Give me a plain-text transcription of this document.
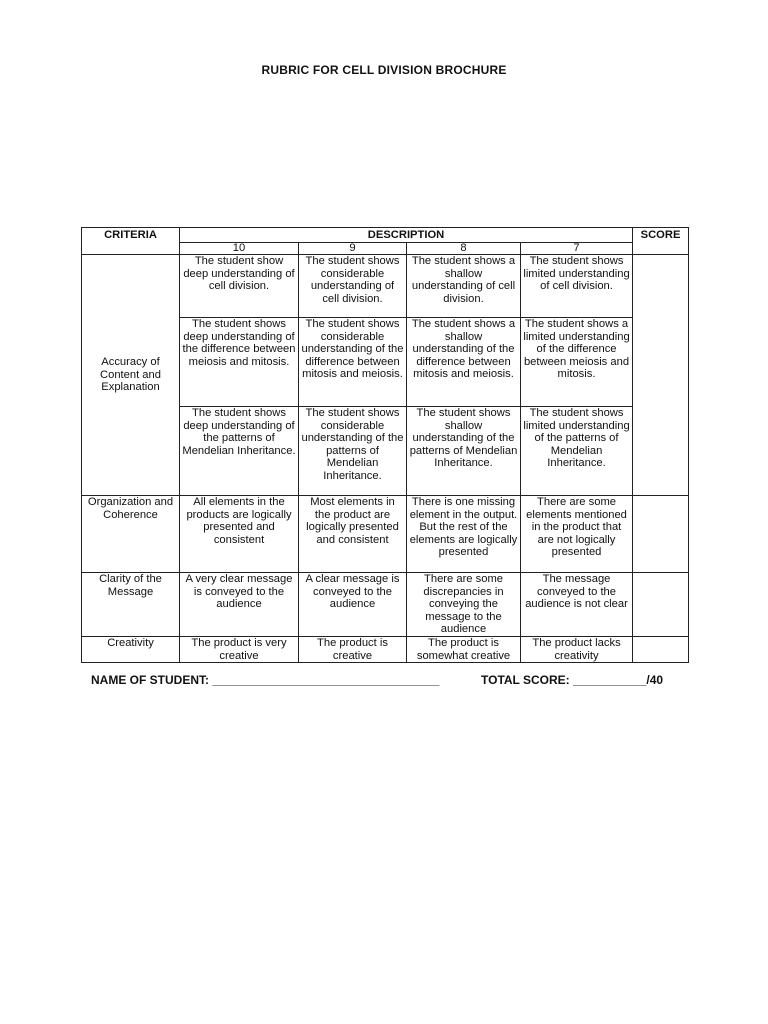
RUBRIC FOR CELL DIVISION BROCHURE
CRITERIA	DESCRIPTION				SCORE
	10	9	8	7	
Accuracy of Content and Explanation	The student show deep understanding of cell division.	The student shows considerable understanding of cell division.	The student shows a shallow understanding of cell division.	The student shows limited understanding of cell division.	
	The student shows deep understanding of the difference between meiosis and mitosis.	The student shows considerable understanding of the difference between mitosis and meiosis.	The student shows a shallow understanding of the difference between mitosis and meiosis.	The student shows a limited understanding of the difference between meiosis and mitosis.	
	The student shows deep understanding of the patterns of Mendelian Inheritance.	The student shows considerable understanding of the patterns of Mendelian Inheritance.	The student shows shallow understanding of the patterns of Mendelian Inheritance.	The student shows limited understanding of the patterns of Mendelian Inheritance.	
Organization and Coherence	All elements in the products are logically presented and consistent	Most elements in the product are logically presented and consistent	There is one missing element in the output. But the rest of the elements are logically presented	There are some elements mentioned in the product that are not logically presented	
Clarity of the Message	A very clear message is conveyed to the audience	A clear message is conveyed to the audience	There are some discrepancies in conveying the message to the audience	The message conveyed to the audience is not clear	
Creativity	The product is very creative	The product is creative	The product is somewhat creative	The product lacks creativity	
NAME OF STUDENT: __________________________________	TOTAL SCORE: ___________/40
